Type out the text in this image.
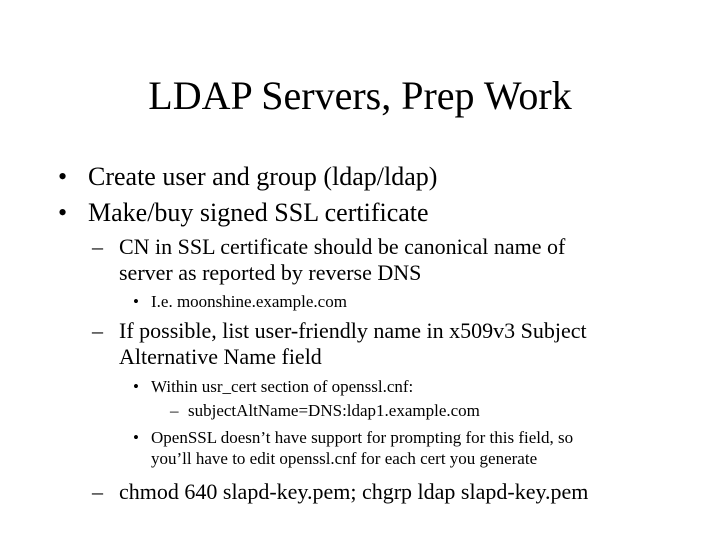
LDAP Servers, Prep Work
• Create user and group (ldap/ldap)
• Make/buy signed SSL certificate
– CN in SSL certificate should be canonical name of
server as reported by reverse DNS
• I.e. moonshine.example.com
– If possible, list user-friendly name in x509v3 Subject
Alternative Name field
• Within usr_cert section of openssl.cnf:
– subjectAltName=DNS:ldap1.example.com
• OpenSSL doesn’t have support for prompting for this field, so
you’ll have to edit openssl.cnf for each cert you generate
– chmod 640 slapd-key.pem; chgrp ldap slapd-key.pem
